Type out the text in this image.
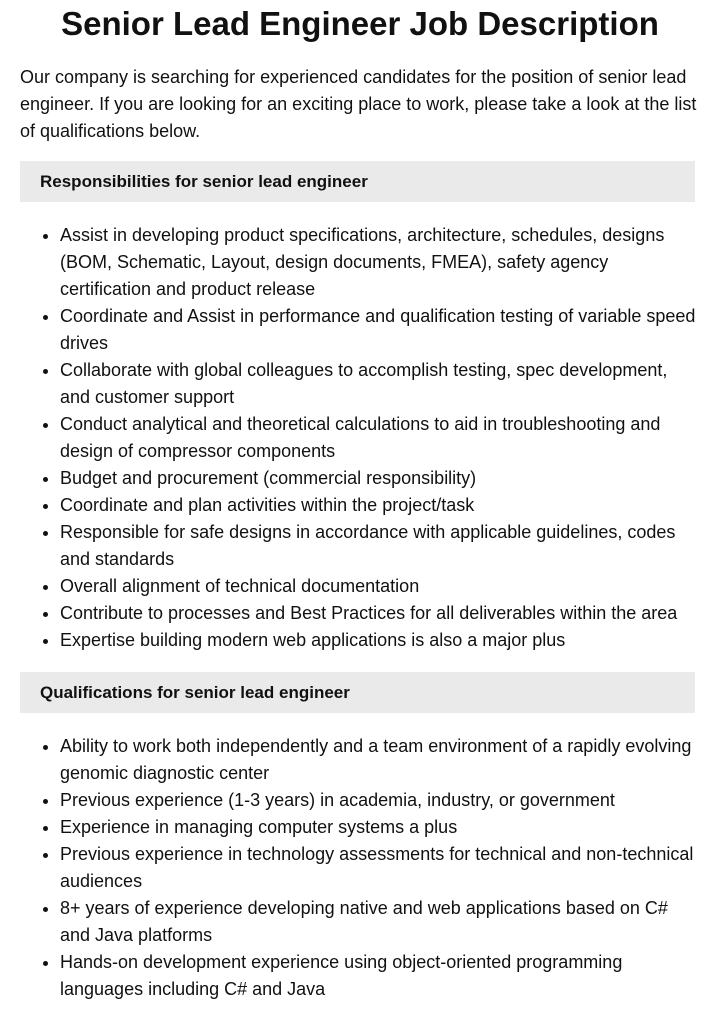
Senior Lead Engineer Job Description

Our company is searching for experienced candidates for the position of senior lead engineer. If you are looking for an exciting place to work, please take a look at the list of qualifications below.

Responsibilities for senior lead engineer
• Assist in developing product specifications, architecture, schedules, designs (BOM, Schematic, Layout, design documents, FMEA), safety agency certification and product release
• Coordinate and Assist in performance and qualification testing of variable speed drives
• Collaborate with global colleagues to accomplish testing, spec development, and customer support
• Conduct analytical and theoretical calculations to aid in troubleshooting and design of compressor components
• Budget and procurement (commercial responsibility)
• Coordinate and plan activities within the project/task
• Responsible for safe designs in accordance with applicable guidelines, codes and standards
• Overall alignment of technical documentation
• Contribute to processes and Best Practices for all deliverables within the area
• Expertise building modern web applications is also a major plus
Qualifications for senior lead engineer
• Ability to work both independently and a team environment of a rapidly evolving genomic diagnostic center
• Previous experience (1-3 years) in academia, industry, or government
• Experience in managing computer systems a plus
• Previous experience in technology assessments for technical and non-technical audiences
• 8+ years of experience developing native and web applications based on C# and Java platforms
• Hands-on development experience using object-oriented programming languages including C# and Java
